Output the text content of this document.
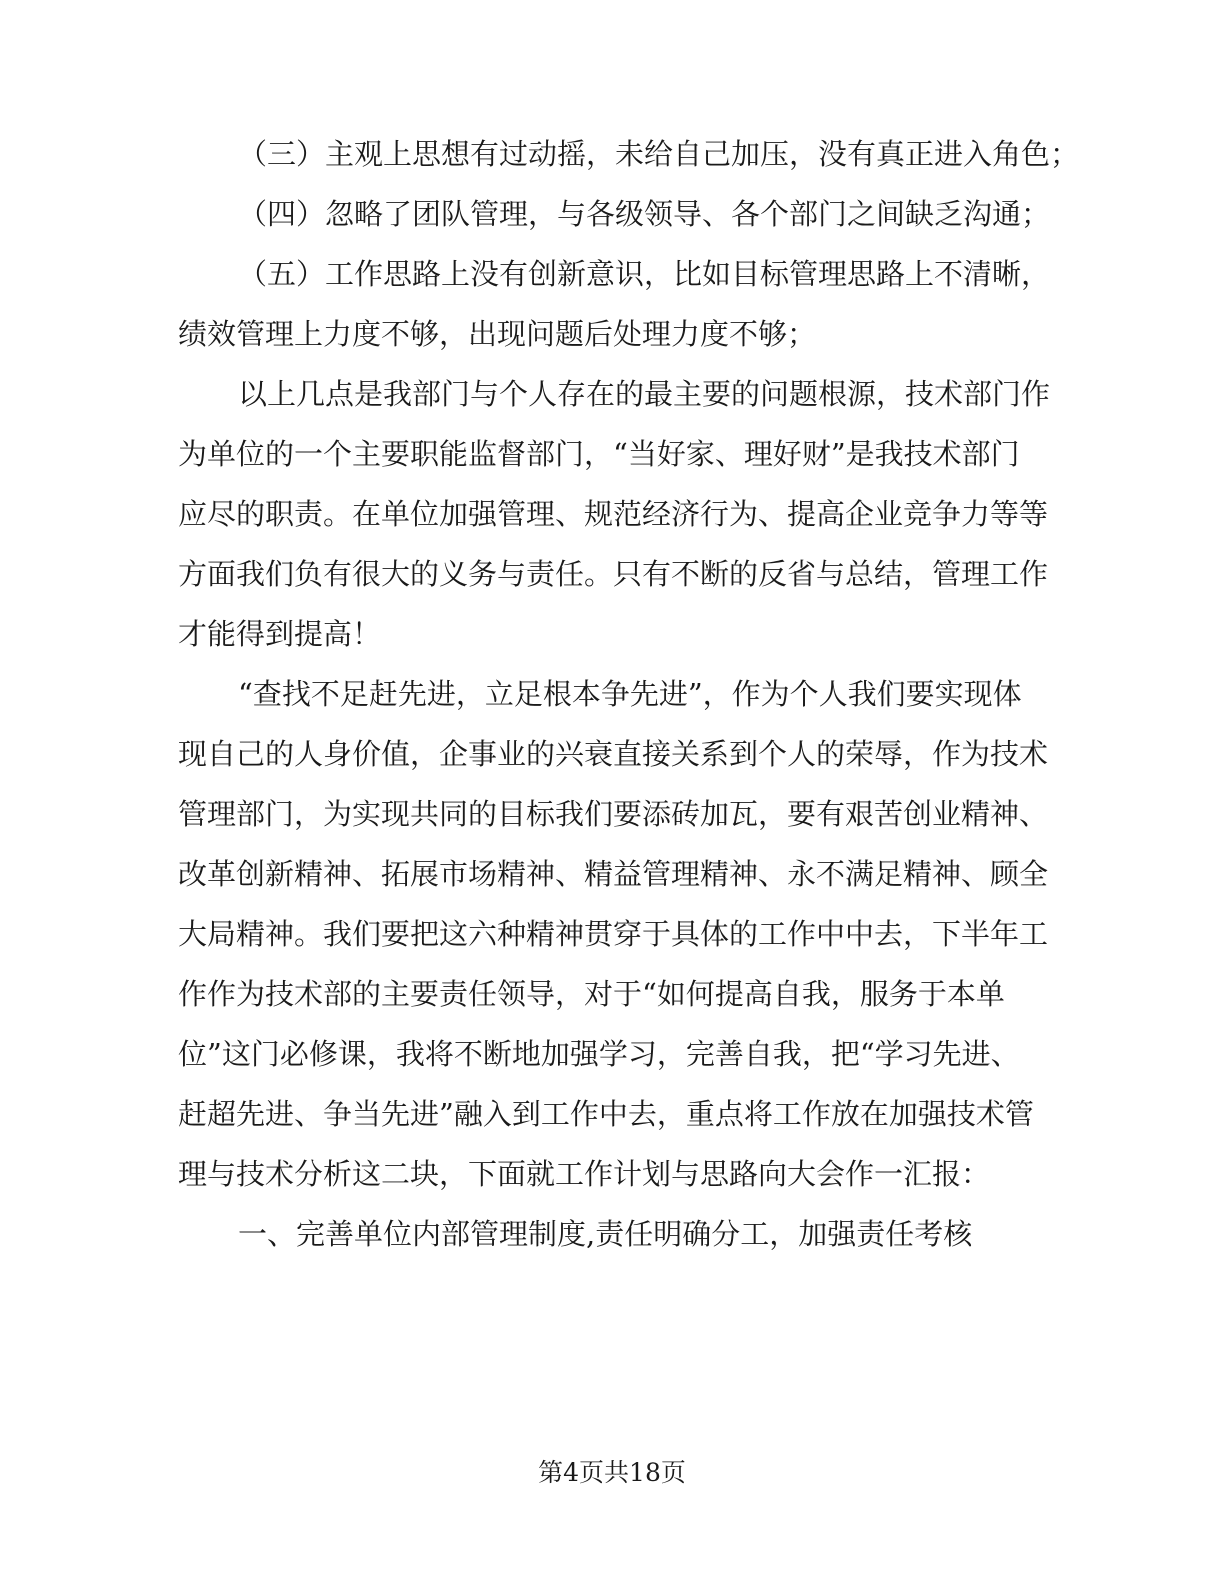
（三）主观上思想有过动摇，未给自己加压，没有真正进入角色；
（四）忽略了团队管理，与各级领导、各个部门之间缺乏沟通；
（五）工作思路上没有创新意识，比如目标管理思路上不清晰，
绩效管理上力度不够，出现问题后处理力度不够；
以上几点是我部门与个人存在的最主要的问题根源，技术部门作
为单位的一个主要职能监督部门，“当好家、理好财”是我技术部门
应尽的职责。在单位加强管理、规范经济行为、提高企业竞争力等等
方面我们负有很大的义务与责任。只有不断的反省与总结，管理工作
才能得到提高！
“查找不足赶先进，立足根本争先进”，作为个人我们要实现体
现自己的人身价值，企事业的兴衰直接关系到个人的荣辱，作为技术
管理部门，为实现共同的目标我们要添砖加瓦，要有艰苦创业精神、
改革创新精神、拓展市场精神、精益管理精神、永不满足精神、顾全
大局精神。我们要把这六种精神贯穿于具体的工作中中去，下半年工
作作为技术部的主要责任领导，对于“如何提高自我，服务于本单
位”这门必修课，我将不断地加强学习，完善自我，把“学习先进、
赶超先进、争当先进”融入到工作中去，重点将工作放在加强技术管
理与技术分析这二块，下面就工作计划与思路向大会作一汇报：
一、完善单位内部管理制度,责任明确分工，加强责任考核
第4页共18页
